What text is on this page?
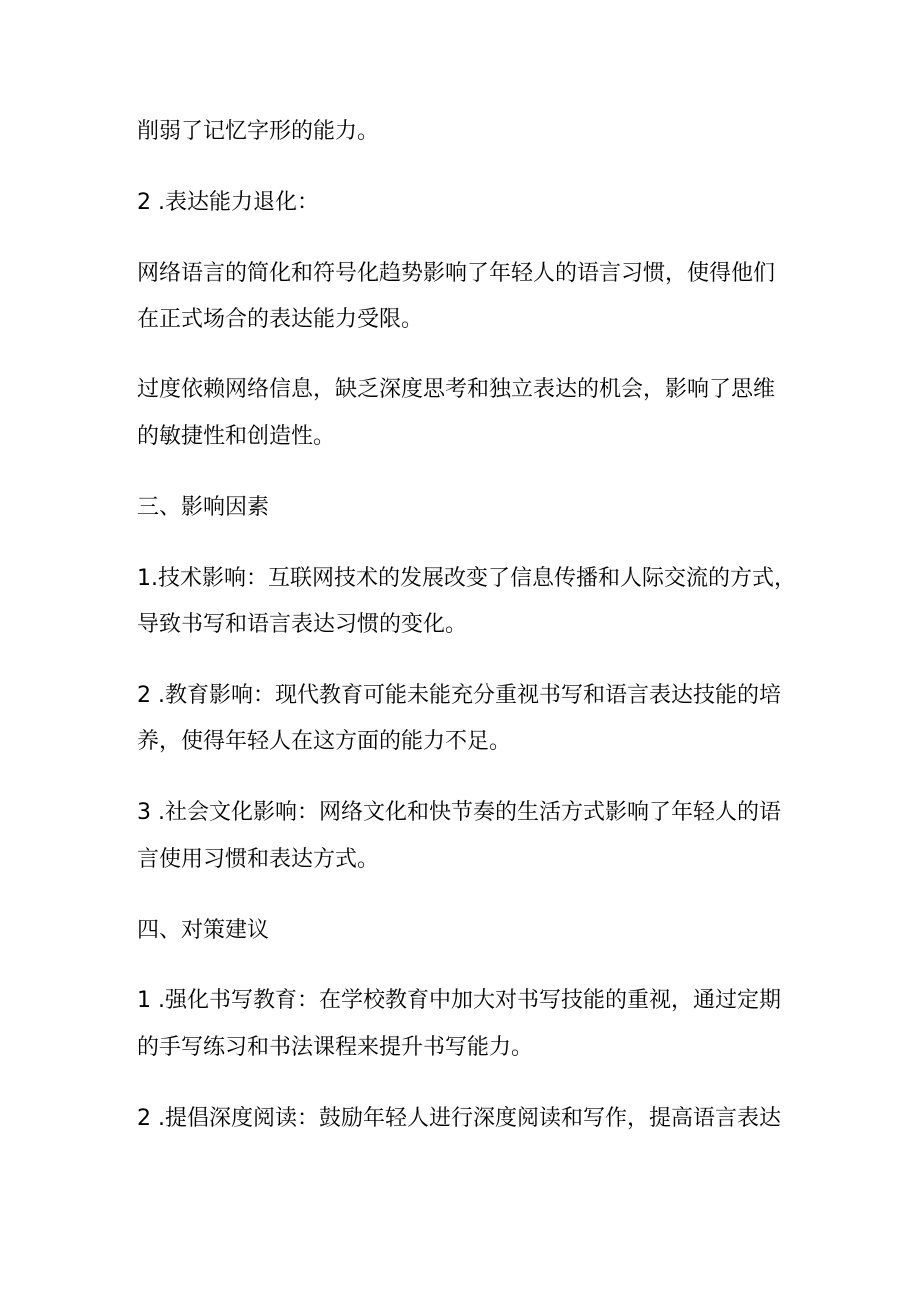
削弱了记忆字形的能力。
2 .表达能力退化：
网络语言的简化和符号化趋势影响了年轻人的语言习惯，使得他们
在正式场合的表达能力受限。
过度依赖网络信息，缺乏深度思考和独立表达的机会，影响了思维
的敏捷性和创造性。
三、影响因素
1.技术影响：互联网技术的发展改变了信息传播和人际交流的方式，
导致书写和语言表达习惯的变化。
2 .教育影响：现代教育可能未能充分重视书写和语言表达技能的培
养，使得年轻人在这方面的能力不足。
3 .社会文化影响：网络文化和快节奏的生活方式影响了年轻人的语
言使用习惯和表达方式。
四、对策建议
1 .强化书写教育：在学校教育中加大对书写技能的重视，通过定期
的手写练习和书法课程来提升书写能力。
2 .提倡深度阅读：鼓励年轻人进行深度阅读和写作，提高语言表达
